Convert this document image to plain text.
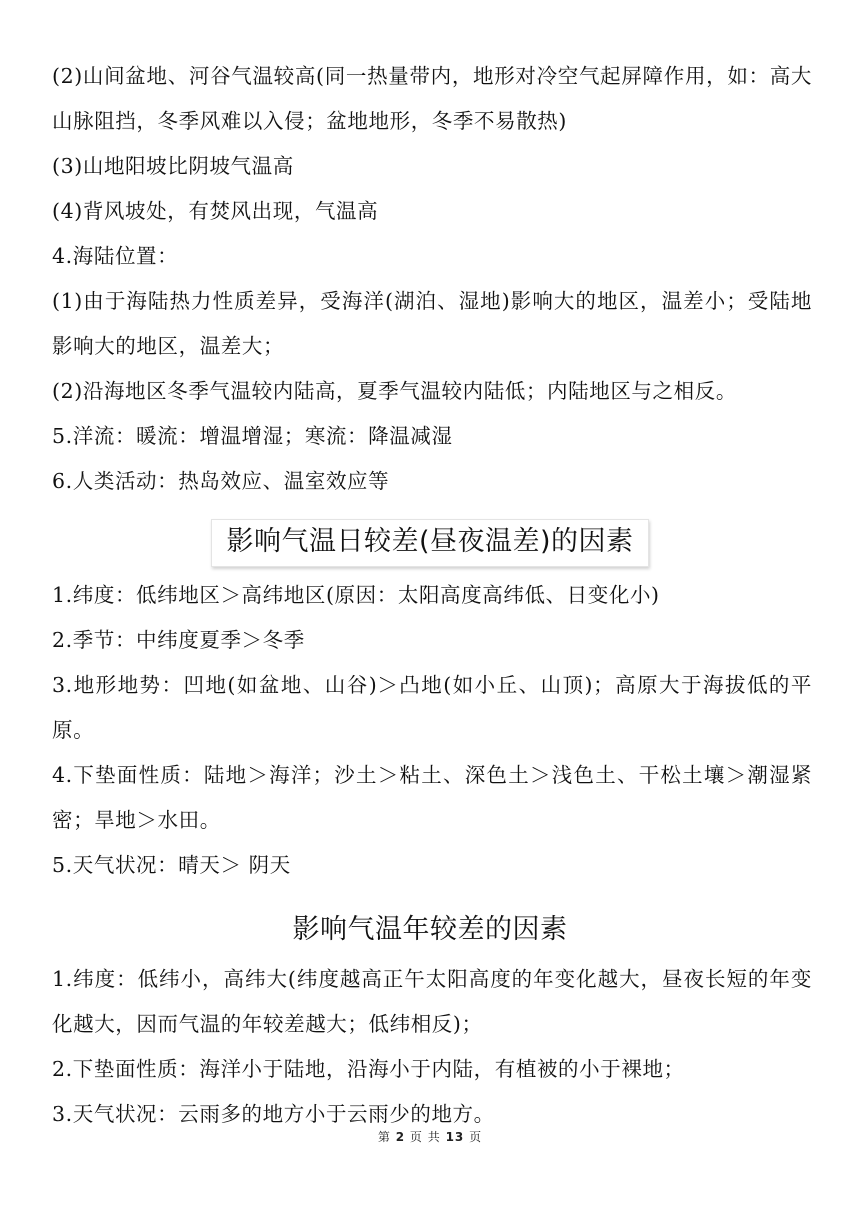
(2)山间盆地、河谷气温较高(同一热量带内，地形对冷空气起屏障作用，如：高大山脉阻挡，冬季风难以入侵；盆地地形，冬季不易散热)
(3)山地阳坡比阴坡气温高
(4)背风坡处，有焚风出现，气温高
4.海陆位置：
(1)由于海陆热力性质差异，受海洋(湖泊、湿地)影响大的地区，温差小；受陆地影响大的地区，温差大；
(2)沿海地区冬季气温较内陆高，夏季气温较内陆低；内陆地区与之相反。
5.洋流：暖流：增温增湿；寒流：降温减湿
6.人类活动：热岛效应、温室效应等
影响气温日较差(昼夜温差)的因素
1.纬度：低纬地区＞高纬地区(原因：太阳高度高纬低、日变化小)
2.季节：中纬度夏季＞冬季
3.地形地势：凹地(如盆地、山谷)＞凸地(如小丘、山顶)；高原大于海拔低的平原。
4.下垫面性质：陆地＞海洋；沙土＞粘土、深色土＞浅色土、干松土壤＞潮湿紧密；旱地＞水田。
5.天气状况：晴天＞ 阴天
影响气温年较差的因素
1.纬度：低纬小，高纬大(纬度越高正午太阳高度的年变化越大，昼夜长短的年变化越大，因而气温的年较差越大；低纬相反)；
2.下垫面性质：海洋小于陆地，沿海小于内陆，有植被的小于裸地；
3.天气状况：云雨多的地方小于云雨少的地方。
第 2 页 共 13 页
